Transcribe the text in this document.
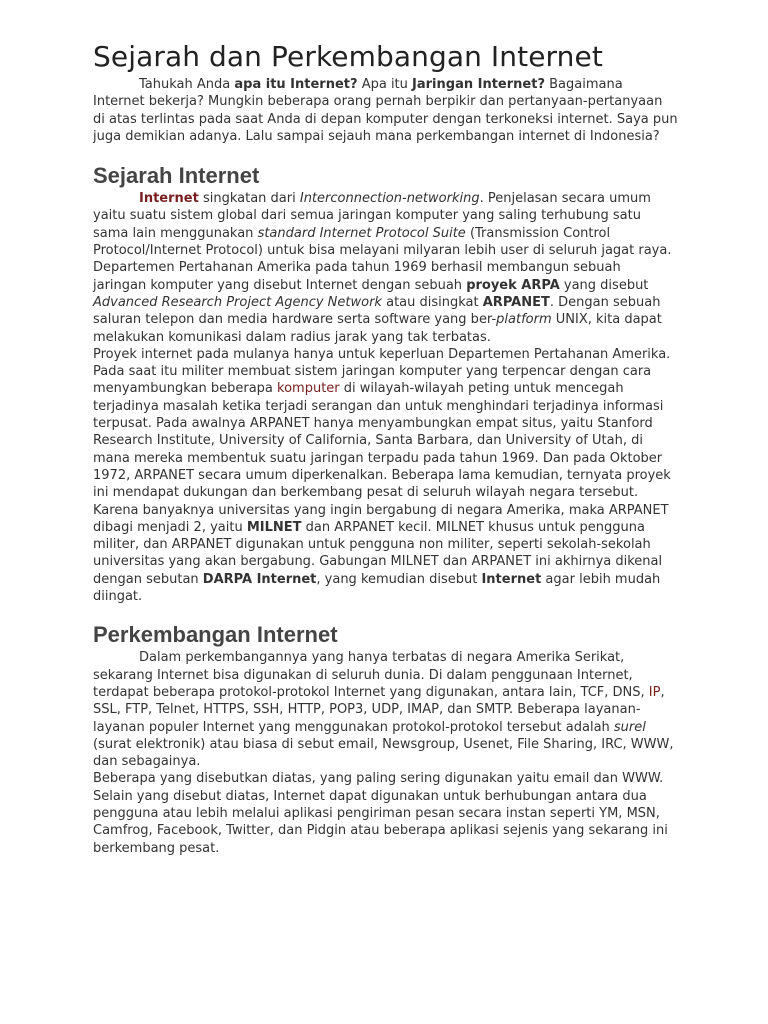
Sejarah dan Perkembangan Internet

Tahukah Anda apa itu Internet? Apa itu Jaringan Internet? Bagaimana Internet bekerja? Mungkin beberapa orang pernah berpikir dan pertanyaan-pertanyaan di atas terlintas pada saat Anda di depan komputer dengan terkoneksi internet. Saya pun juga demikian adanya. Lalu sampai sejauh mana perkembangan internet di Indonesia?

Sejarah Internet

Internet singkatan dari Interconnection-networking. Penjelasan secara umum yaitu suatu sistem global dari semua jaringan komputer yang saling terhubung satu sama lain menggunakan standard Internet Protocol Suite (Transmission Control Protocol/Internet Protocol) untuk bisa melayani milyaran lebih user di seluruh jagat raya. Departemen Pertahanan Amerika pada tahun 1969 berhasil membangun sebuah jaringan komputer yang disebut Internet dengan sebuah proyek ARPA yang disebut Advanced Research Project Agency Network atau disingkat ARPANET. Dengan sebuah saluran telepon dan media hardware serta software yang ber-platform UNIX, kita dapat melakukan komunikasi dalam radius jarak yang tak terbatas.

Proyek internet pada mulanya hanya untuk keperluan Departemen Pertahanan Amerika. Pada saat itu militer membuat sistem jaringan komputer yang terpencar dengan cara menyambungkan beberapa komputer di wilayah-wilayah peting untuk mencegah terjadinya masalah ketika terjadi serangan dan untuk menghindari terjadinya informasi terpusat. Pada awalnya ARPANET hanya menyambungkan empat situs, yaitu Stanford Research Institute, University of California, Santa Barbara, dan University of Utah, di mana mereka membentuk suatu jaringan terpadu pada tahun 1969. Dan pada Oktober 1972, ARPANET secara umum diperkenalkan. Beberapa lama kemudian, ternyata proyek ini mendapat dukungan dan berkembang pesat di seluruh wilayah negara tersebut. Karena banyaknya universitas yang ingin bergabung di negara Amerika, maka ARPANET dibagi menjadi 2, yaitu MILNET dan ARPANET kecil. MILNET khusus untuk pengguna militer, dan ARPANET digunakan untuk pengguna non militer, seperti sekolah-sekolah universitas yang akan bergabung. Gabungan MILNET dan ARPANET ini akhirnya dikenal dengan sebutan DARPA Internet, yang kemudian disebut Internet agar lebih mudah diingat.

Perkembangan Internet

Dalam perkembangannya yang hanya terbatas di negara Amerika Serikat, sekarang Internet bisa digunakan di seluruh dunia. Di dalam penggunaan Internet, terdapat beberapa protokol-protokol Internet yang digunakan, antara lain, TCF, DNS, IP, SSL, FTP, Telnet, HTTPS, SSH, HTTP, POP3, UDP, IMAP, dan SMTP. Beberapa layanan-layanan populer Internet yang menggunakan protokol-protokol tersebut adalah surel (surat elektronik) atau biasa di sebut email, Newsgroup, Usenet, File Sharing, IRC, WWW, dan sebagainya.

Beberapa yang disebutkan diatas, yang paling sering digunakan yaitu email dan WWW. Selain yang disebut diatas, Internet dapat digunakan untuk berhubungan antara dua pengguna atau lebih melalui aplikasi pengiriman pesan secara instan seperti YM, MSN, Camfrog, Facebook, Twitter, dan Pidgin atau beberapa aplikasi sejenis yang sekarang ini berkembang pesat.
